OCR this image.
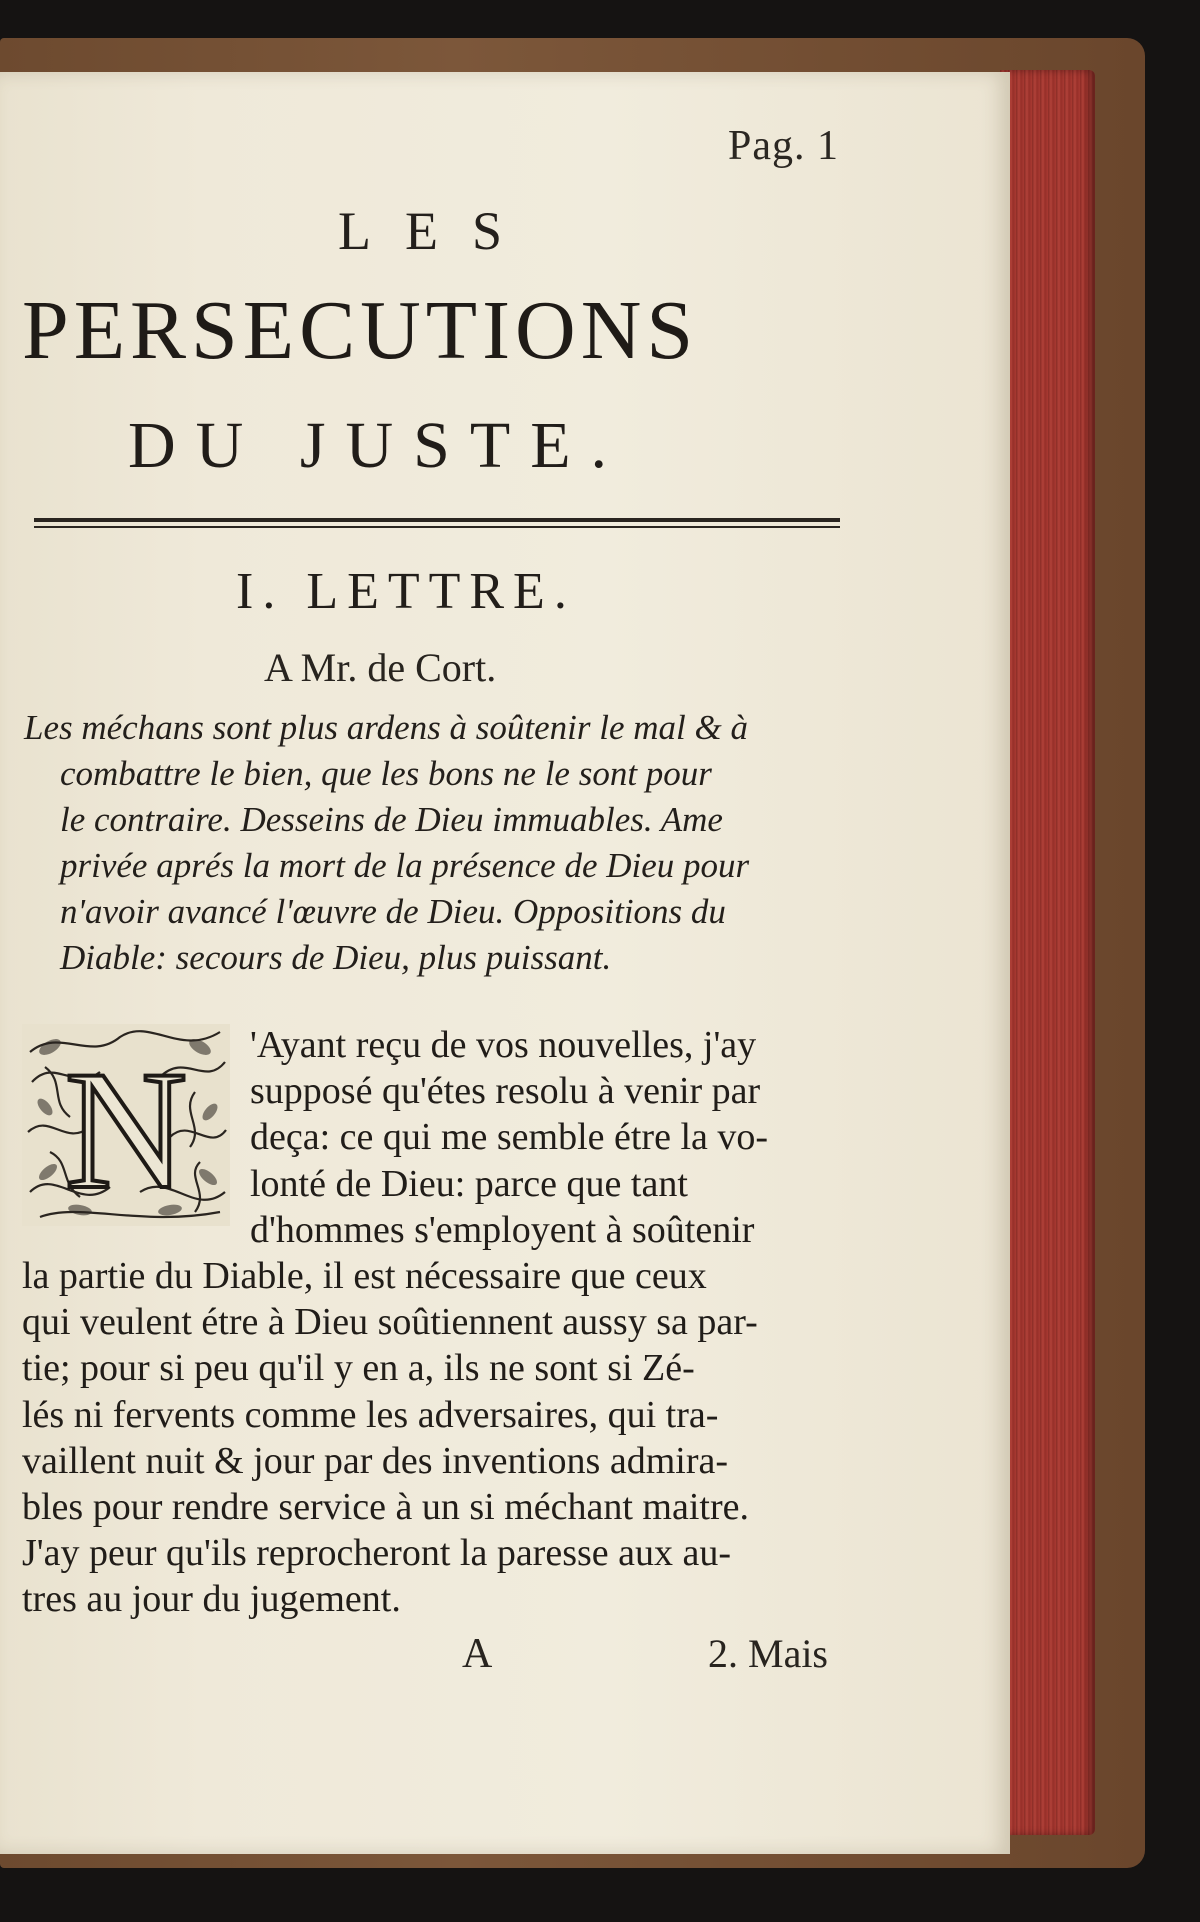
Pag. 1
LES
PERSECUTIONS
DU JUSTE.
I. LETTRE.
A Mr. de Cort.
Les méchans sont plus ardens à soûtenir le mal & à
combattre le bien, que les bons ne le sont pour
le contraire. Desseins de Dieu immuables. Ame
privée aprés la mort de la présence de Dieu pour
n'avoir avancé l'œuvre de Dieu. Oppositions du
Diable: secours de Dieu, plus puissant.
N	'Ayant reçu de vos nouvelles, j'ay
supposé qu'étes resolu à venir par
deça: ce qui me semble étre la vo-
lonté de Dieu: parce que tant
d'hommes s'employent à soûtenir
la partie du Diable, il est nécessaire que ceux
qui veulent étre à Dieu soûtiennent aussy sa par-
tie; pour si peu qu'il y en a, ils ne sont si Zé-
lés ni fervents comme les adversaires, qui tra-
vaillent nuit & jour par des inventions admira-
bles pour rendre service à un si méchant maitre.
J'ay peur qu'ils reprocheront la paresse aux au-
tres au jour du jugement.
A	2. Mais
